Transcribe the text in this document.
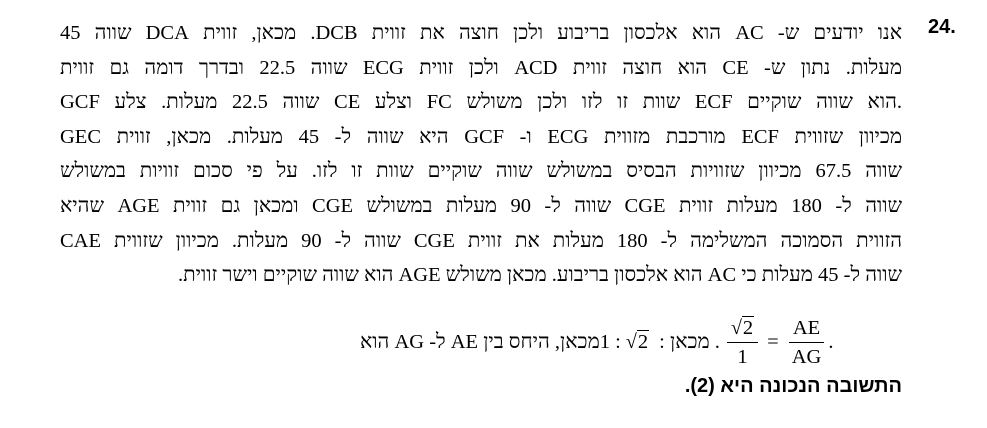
24.
אנו יודעים ש- AC הוא אלכסון בריבוע ולכן חוצה את זווית DCB. מכאן, זווית DCA שווה 45
מעלות. נתון ש- CE הוא חוצה זווית ACD ולכן זווית ECG שווה 22.5 ובדרך דומה גם זווית
GCF שווה 22.5 מעלות. צלע CE וצלע FC שוות זו לזו ולכן משולש ECF הוא שווה שוקיים.
מכיוון שזווית ECF מורכבת מזווית ECG ו- GCF היא שווה ל- 45 מעלות. מכאן, זווית GEC
שווה 67.5 מכיוון שזוויות הבסיס במשולש שווה שוקיים שוות זו לזו. על פי סכום זוויות במשולש
שווה ל- 180 מעלות זווית CGE שווה ל- 90 מעלות במשולש CGE ומכאן גם זווית AGE שהיא
הזווית הסמוכה המשלימה ל- 180 מעלות את זווית CGE שווה ל- 90 מעלות. מכיוון שזווית CAE
שווה ל- 45 מעלות כי AC הוא אלכסון בריבוע. מכאן משולש AGE הוא שווה שוקיים וישר זווית.
מכאן, היחס בין AE ל- AG הוא 1 : √ 2 . מכאן : $\frac{√ 2}{1} = \frac{AE}{AG}$ .
התשובה הנכונה היא (2).
